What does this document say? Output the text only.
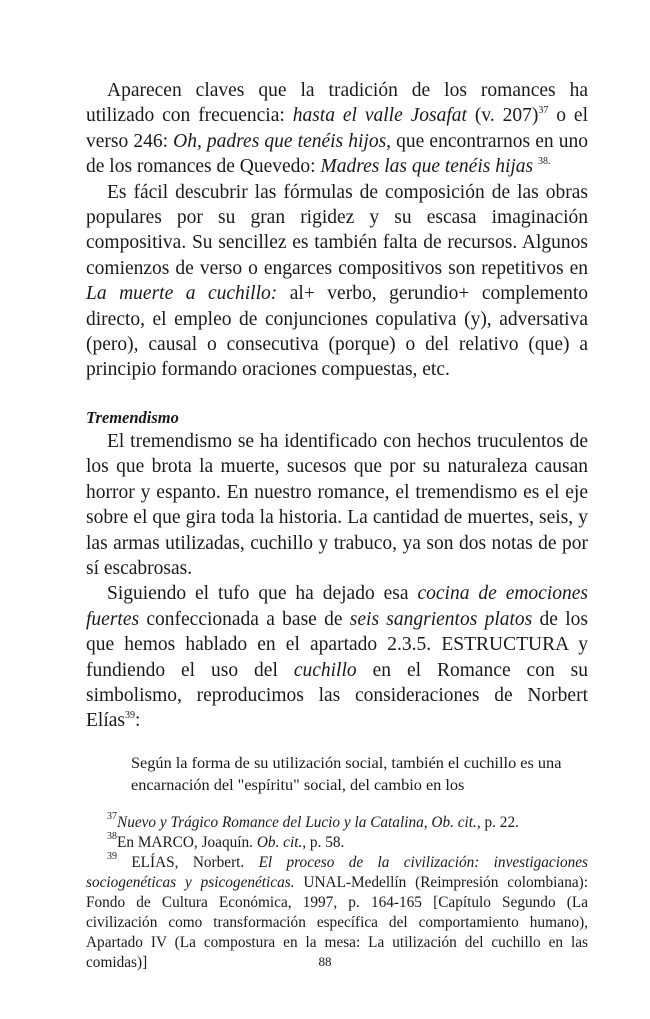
Aparecen claves que la tradición de los romances ha utilizado con frecuencia: hasta el valle Josafat (v. 207)$^{37}$ o el verso 246: Oh, padres que tenéis hijos, que encontrarnos en uno de los romances de Quevedo: Madres las que tenéis hijas $^{38.}$

Es fácil descubrir las fórmulas de composición de las obras populares por su gran rigidez y su escasa imaginación compositiva. Su sencillez es también falta de recursos. Algunos comienzos de verso o engarces compositivos son repetitivos en La muerte a cuchillo: al+ verbo, gerundio+ complemento directo, el empleo de conjunciones copulativa (y), adversativa (pero), causal o consecutiva (porque) o del relativo (que) a principio formando oraciones compuestas, etc.

Tremendismo

El tremendismo se ha identificado con hechos truculentos de los que brota la muerte, sucesos que por su naturaleza causan horror y espanto. En nuestro romance, el tremendismo es el eje sobre el que gira toda la historia. La cantidad de muertes, seis, y las armas utilizadas, cuchillo y trabuco, ya son dos notas de por sí escabrosas.

Siguiendo el tufo que ha dejado esa cocina de emociones fuertes confeccionada a base de seis sangrientos platos de los que hemos hablado en el apartado 2.3.5. ESTRUCTURA y fundiendo el uso del cuchillo en el Romance con su simbolismo, reproducimos las consideraciones de Norbert Elías$^{39}$:

Según la forma de su utilización social, también el cuchillo es una encarnación del "espíritu" social, del cambio en los

$^{37}$Nuevo y Trágico Romance del Lucio y la Catalina, Ob. cit., p. 22.

$^{38}$En MARCO, Joaquín. Ob. cit., p. 58.

$^{39}$ ELÍAS, Norbert. El proceso de la civilización: investigaciones sociogenéticas y psicogenéticas. UNAL-Medellín (Reimpresión colombiana): Fondo de Cultura Económica, 1997, p. 164-165 [Capítulo Segundo (La civilización como transformación específica del comportamiento humano), Apartado IV (La compostura en la mesa: La utilización del cuchillo en las comidas)]	88
